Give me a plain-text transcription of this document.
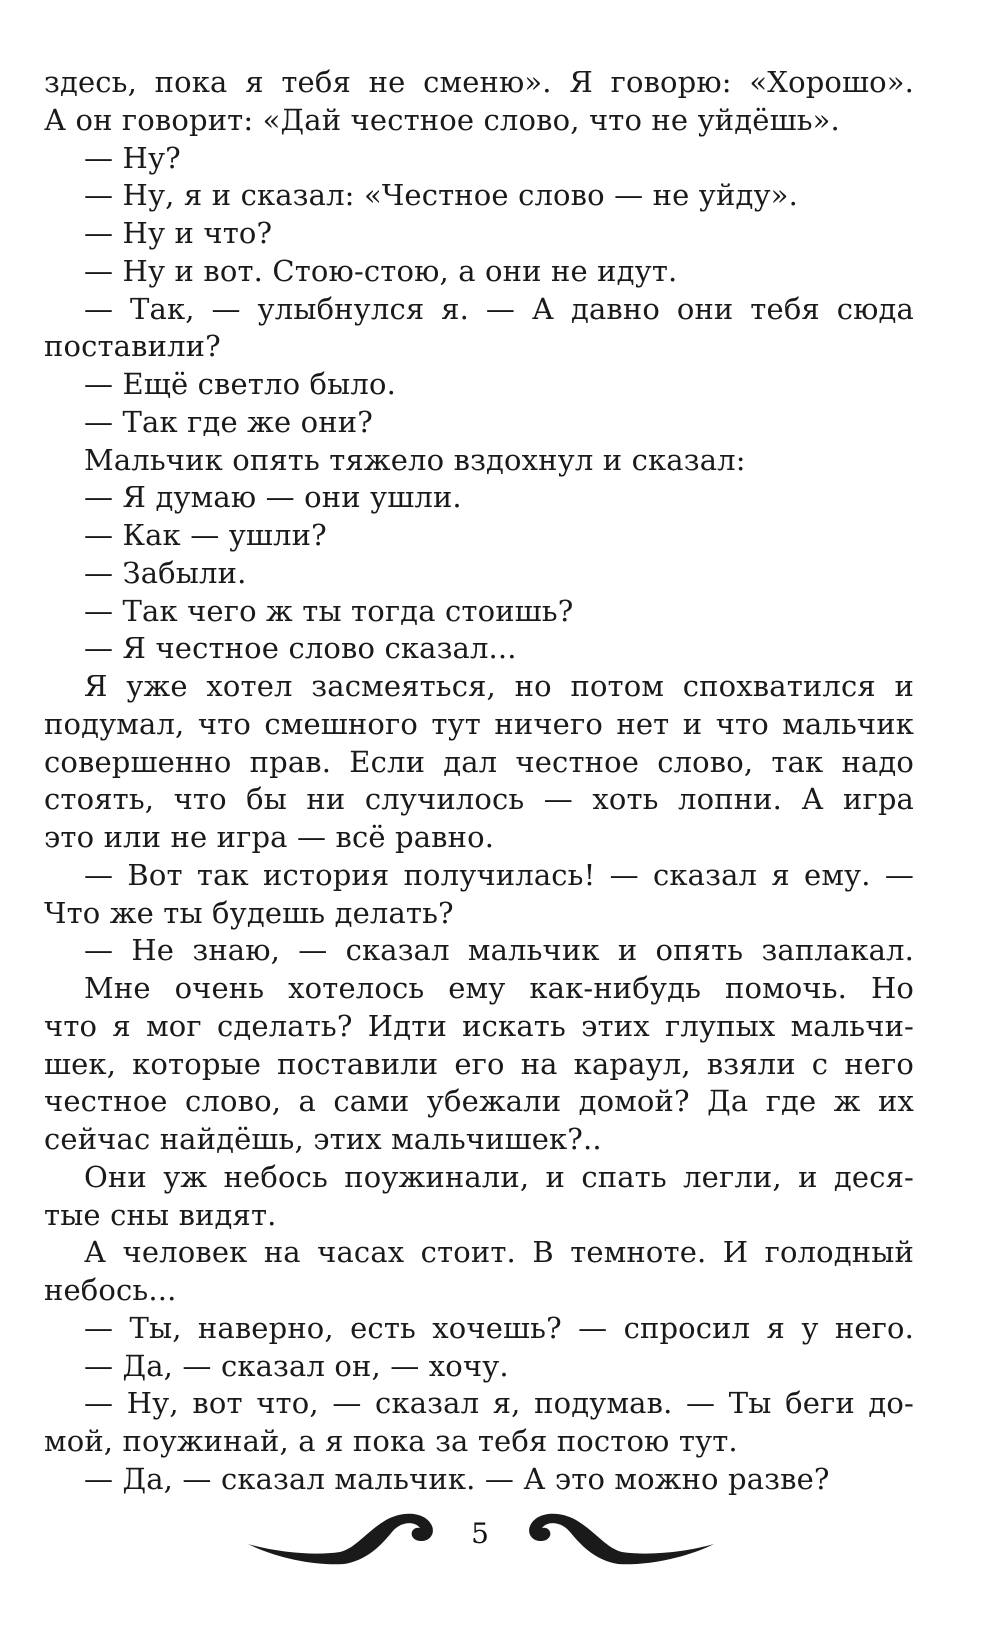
здесь, пока я тебя не сменю». Я говорю: «Хорошо».
А он говорит: «Дай честное слово, что не уйдёшь».
— Ну?
— Ну, я и сказал: «Честное слово — не уйду».
— Ну и что?
— Ну и вот. Стою-стою, а они не идут.
— Так, — улыбнулся я. — А давно они тебя сюда
поставили?
— Ещё светло было.
— Так где же они?
Мальчик опять тяжело вздохнул и сказал:
— Я думаю — они ушли.
— Как — ушли?
— Забыли.
— Так чего ж ты тогда стоишь?
— Я честное слово сказал...
Я уже хотел засмеяться, но потом спохватился и
подумал, что смешного тут ничего нет и что мальчик
совершенно прав. Если дал честное слово, так надо
стоять, что бы ни случилось — хоть лопни. А игра
это или не игра — всё равно.
— Вот так история получилась! — сказал я ему. —
Что же ты будешь делать?
— Не знаю, — сказал мальчик и опять заплакал.
Мне очень хотелось ему как-нибудь помочь. Но
что я мог сделать? Идти искать этих глупых мальчи-
шек, которые поставили его на караул, взяли с него
честное слово, а сами убежали домой? Да где ж их
сейчас найдёшь, этих мальчишек?..
Они уж небось поужинали, и спать легли, и деся-
тые сны видят.
А человек на часах стоит. В темноте. И голодный
небось...
— Ты, наверно, есть хочешь? — спросил я у него.
— Да, — сказал он, — хочу.
— Ну, вот что, — сказал я, подумав. — Ты беги до-
мой, поужинай, а я пока за тебя постою тут.
— Да, — сказал мальчик. — А это можно разве?
5
